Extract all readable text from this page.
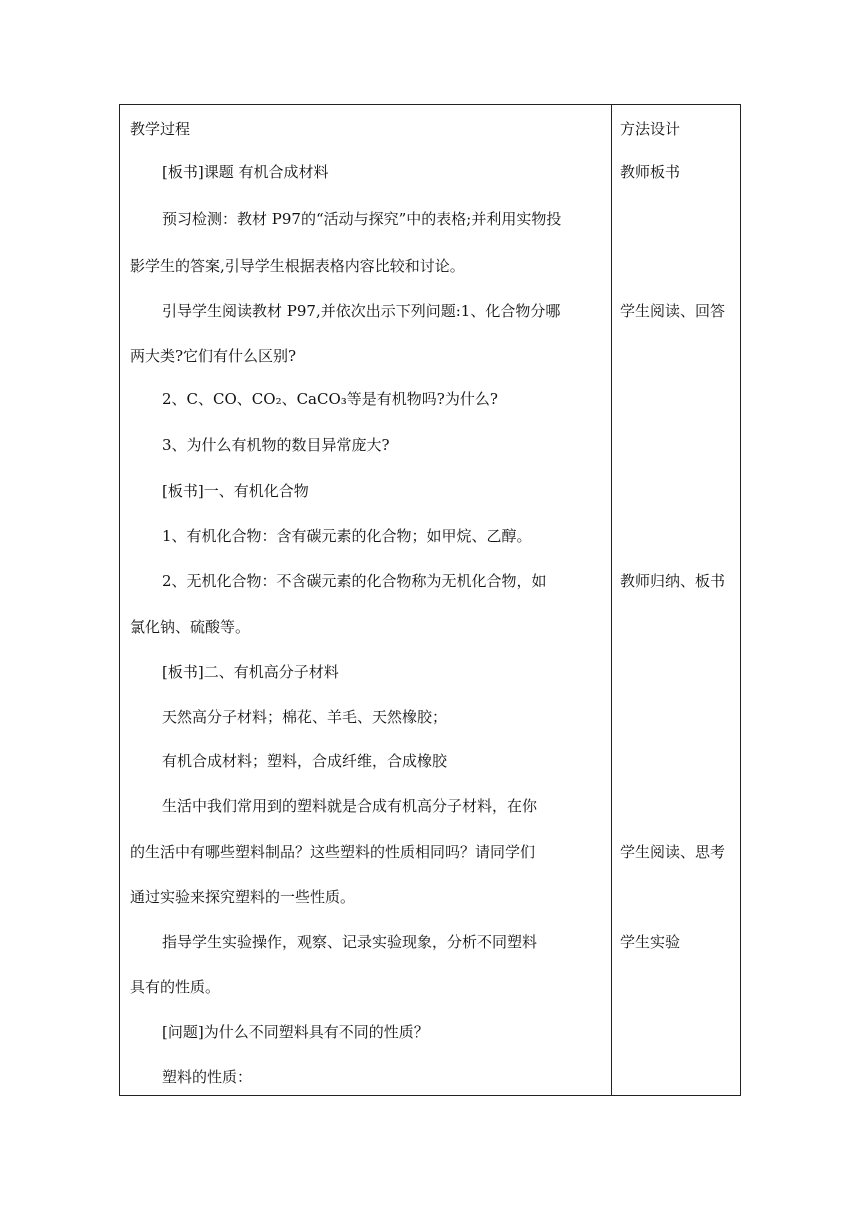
教学过程	方法设计
[板书]课题 有机合成材料
预习检测：教材 P97的“活动与探究”中的表格;并利用实物投
影学生的答案,引导学生根据表格内容比较和讨论。
引导学生阅读教材 P97,并依次出示下列问题:1、化合物分哪
两大类?它们有什么区别?
2、C、CO、CO₂、CaCO₃等是有机物吗?为什么?
3、为什么有机物的数目异常庞大?
[板书]一、有机化合物
1、有机化合物：含有碳元素的化合物；如甲烷、乙醇。
2、无机化合物：不含碳元素的化合物称为无机化合物，如
氯化钠、硫酸等。
[板书]二、有机高分子材料
天然高分子材料；棉花、羊毛、天然橡胶；
有机合成材料；塑料，合成纤维，合成橡胶
生活中我们常用到的塑料就是合成有机高分子材料，在你
的生活中有哪些塑料制品？这些塑料的性质相同吗？请同学们
通过实验来探究塑料的一些性质。
指导学生实验操作，观察、记录实验现象，分析不同塑料
具有的性质。
[问题]为什么不同塑料具有不同的性质？
塑料的性质：
教师板书
学生阅读、回答
教师归纳、板书
学生阅读、思考
学生实验
